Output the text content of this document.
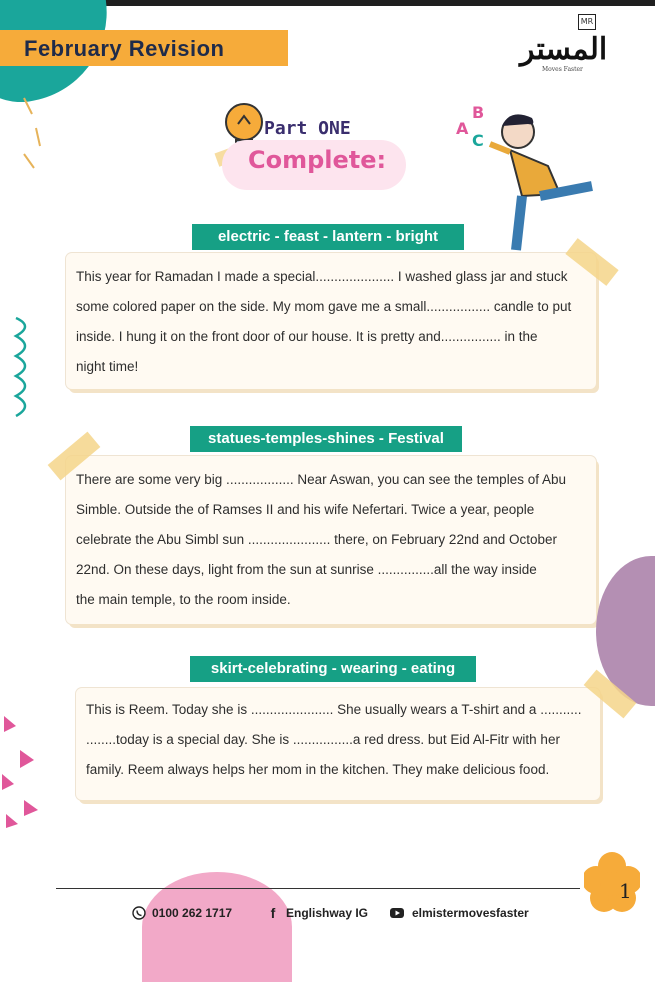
February Revision
MR
المستر
Moves Faster
Part ONE
Complete:
A
B
C
electric - feast - lantern - bright

This year for Ramadan I made a special..................... I washed glass jar and stuck

some colored paper on the side. My mom gave me a small................. candle to put

inside. I hung it on the front door of our house. It is pretty and................ in the

night time!

statues-temples-shines - Festival

There are some very big .................. Near Aswan, you can see the temples of Abu

Simble. Outside the of Ramses II and his wife Nefertari. Twice a year, people

celebrate the Abu Simbl sun ...................... there, on February 22nd and October

22nd. On these days, light from the sun at sunrise ...............all the way inside

the main temple, to the room inside.

skirt-celebrating - wearing - eating

This is Reem. Today she is ...................... She usually wears a T-shirt and a ...........

........today is a special day. She is ................a red dress. but Eid Al-Fitr with her

family. Reem always helps her mom in the kitchen. They make delicious food.

1
0100 262 1717	f Englishway IG	elmistermovesfaster
